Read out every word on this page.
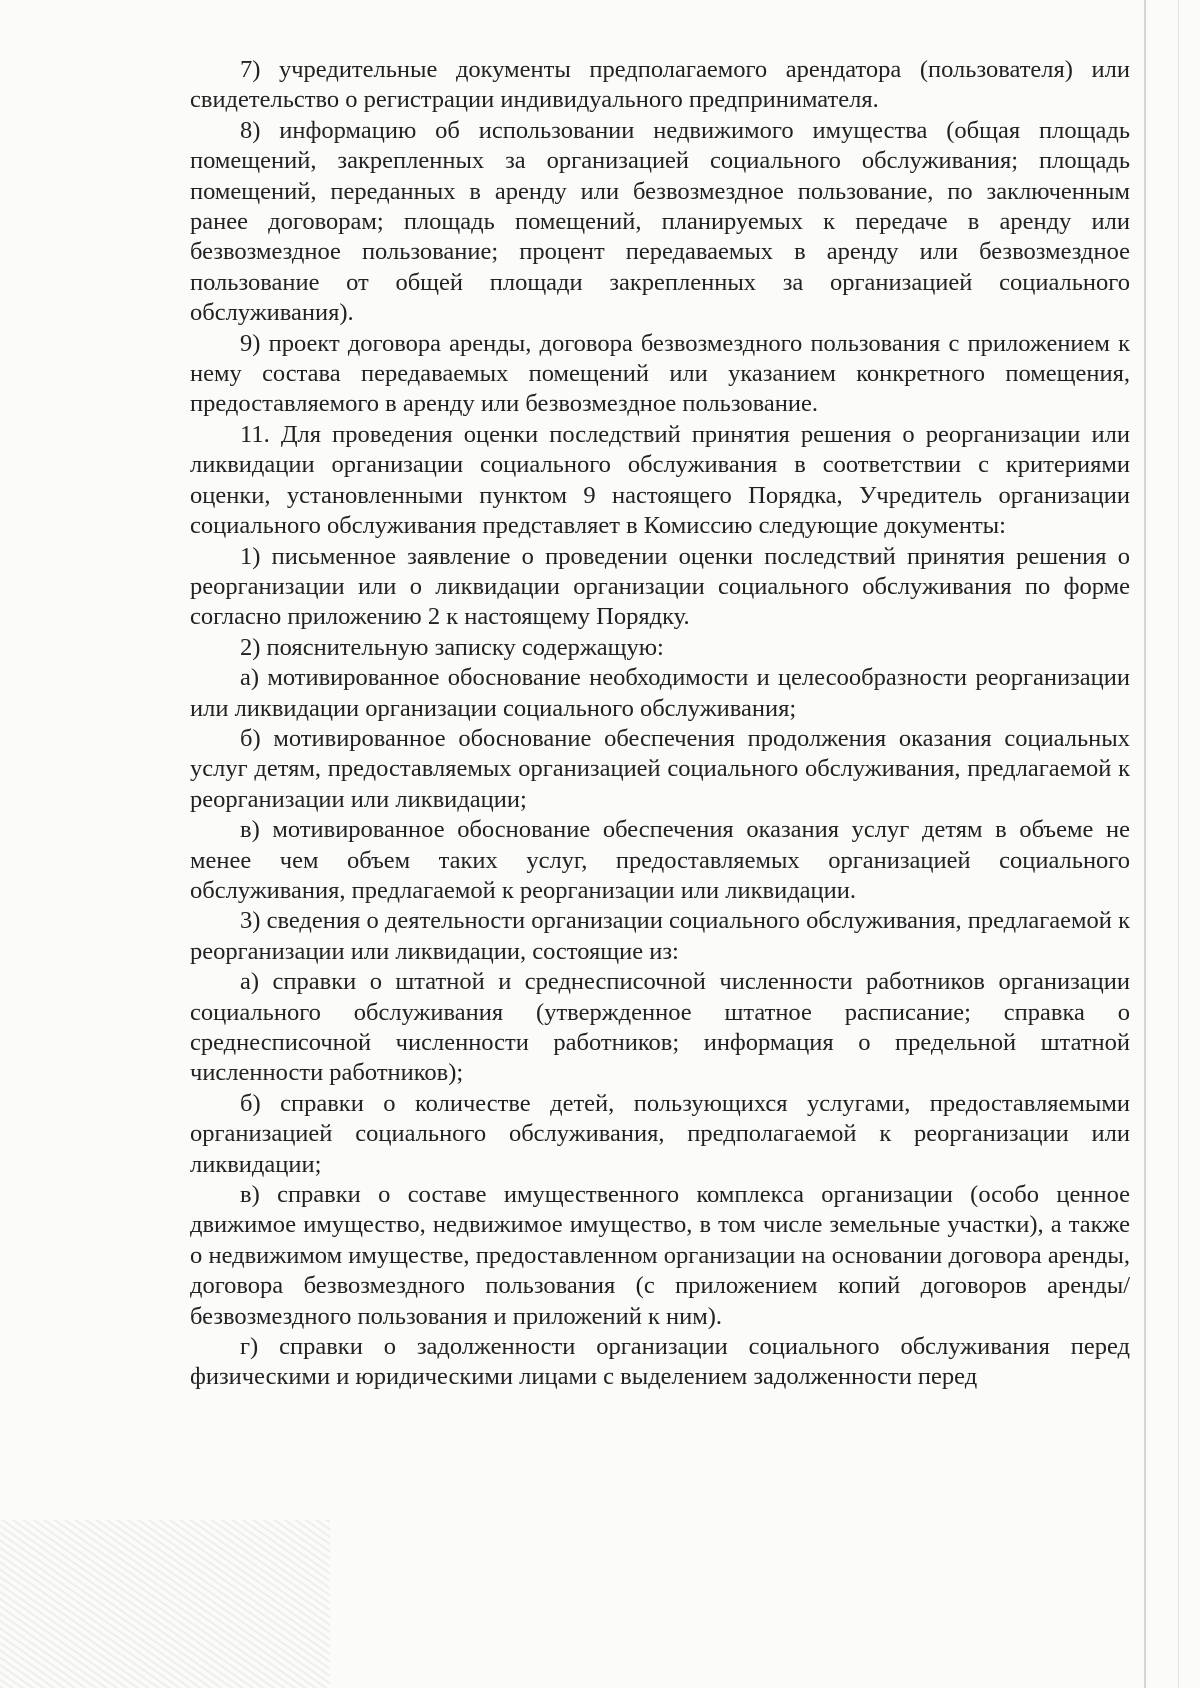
7) учредительные документы предполагаемого арендатора (пользователя) или свидетельство о регистрации индивидуального предпринимателя.

8) информацию об использовании недвижимого имущества (общая площадь помещений, закрепленных за организацией социального обслуживания; площадь помещений, переданных в аренду или безвозмездное пользование, по заключенным ранее договорам; площадь помещений, планируемых к передаче в аренду или безвозмездное пользование; процент передаваемых в аренду или безвозмездное пользование от общей площади закрепленных за организацией социального обслуживания).

9) проект договора аренды, договора безвозмездного пользования с приложением к нему состава передаваемых помещений или указанием конкретного помещения, предоставляемого в аренду или безвозмездное пользование.

11. Для проведения оценки последствий принятия решения о реорганизации или ликвидации организации социального обслуживания в соответствии с критериями оценки, установленными пунктом 9 настоящего Порядка, Учредитель организации социального обслуживания представляет в Комиссию следующие документы:

1) письменное заявление о проведении оценки последствий принятия решения о реорганизации или о ликвидации организации социального обслуживания по форме согласно приложению 2 к настоящему Порядку.

2) пояснительную записку содержащую:

а) мотивированное обоснование необходимости и целесообразности реорганизации или ликвидации организации социального обслуживания;

б) мотивированное обоснование обеспечения продолжения оказания социальных услуг детям, предоставляемых организацией социального обслуживания, предлагаемой к реорганизации или ликвидации;

в) мотивированное обоснование обеспечения оказания услуг детям в объеме не менее чем объем таких услуг, предоставляемых организацией социального обслуживания, предлагаемой к реорганизации или ликвидации.

3) сведения о деятельности организации социального обслуживания, предлагаемой к реорганизации или ликвидации, состоящие из:

а) справки о штатной и среднесписочной численности работников организации социального обслуживания (утвержденное штатное расписание; справка о среднесписочной численности работников; информация о предельной штатной численности работников);

б) справки о количестве детей, пользующихся услугами, предоставляемыми организацией социального обслуживания, предполагаемой к реорганизации или ликвидации;

в) справки о составе имущественного комплекса организации (особо ценное движимое имущество, недвижимое имущество, в том числе земельные участки), а также о недвижимом имуществе, предоставленном организации на основании договора аренды, договора безвозмездного пользования (с приложением копий договоров аренды/безвозмездного пользования и приложений к ним).

г) справки о задолженности организации социального обслуживания перед физическими и юридическими лицами с выделением задолженности перед
